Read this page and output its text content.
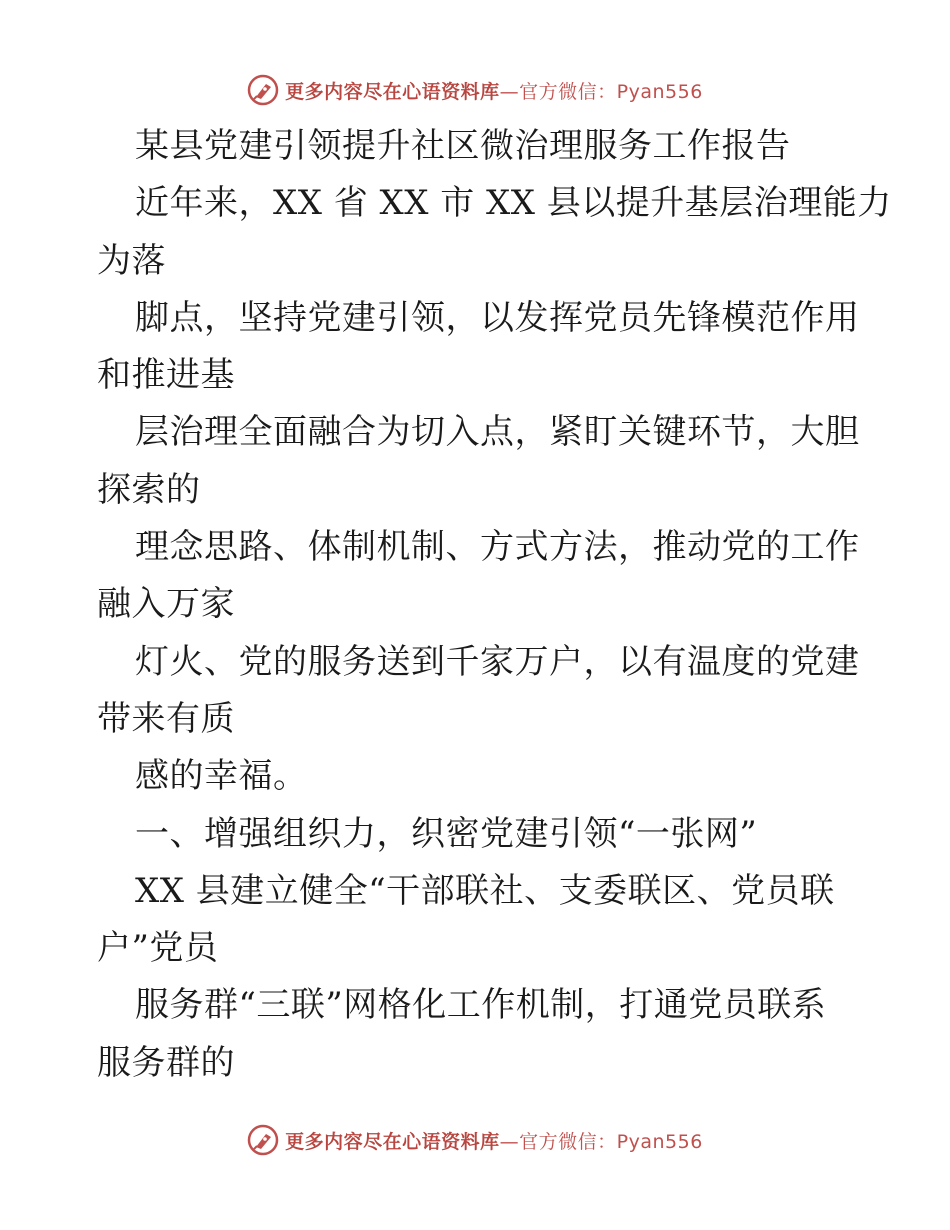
更多内容尽在心语资料库 —官方微信：Pyan556
某县党建引领提升社区微治理服务工作报告
近年来，XX 省 XX 市 XX 县以提升基层治理能力
为落
脚点，坚持党建引领，以发挥党员先锋模范作用
和推进基
层治理全面融合为切入点，紧盯关键环节，大胆
探索的
理念思路、体制机制、方式方法，推动党的工作
融入万家
灯火、党的服务送到千家万户，以有温度的党建
带来有质
感的幸福。
一、增强组织力，织密党建引领“一张网”
XX 县建立健全“干部联社、支委联区、党员联
户”党员
服务群“三联”网格化工作机制，打通党员联系
服务群的
更多内容尽在心语资料库 —官方微信：Pyan556
